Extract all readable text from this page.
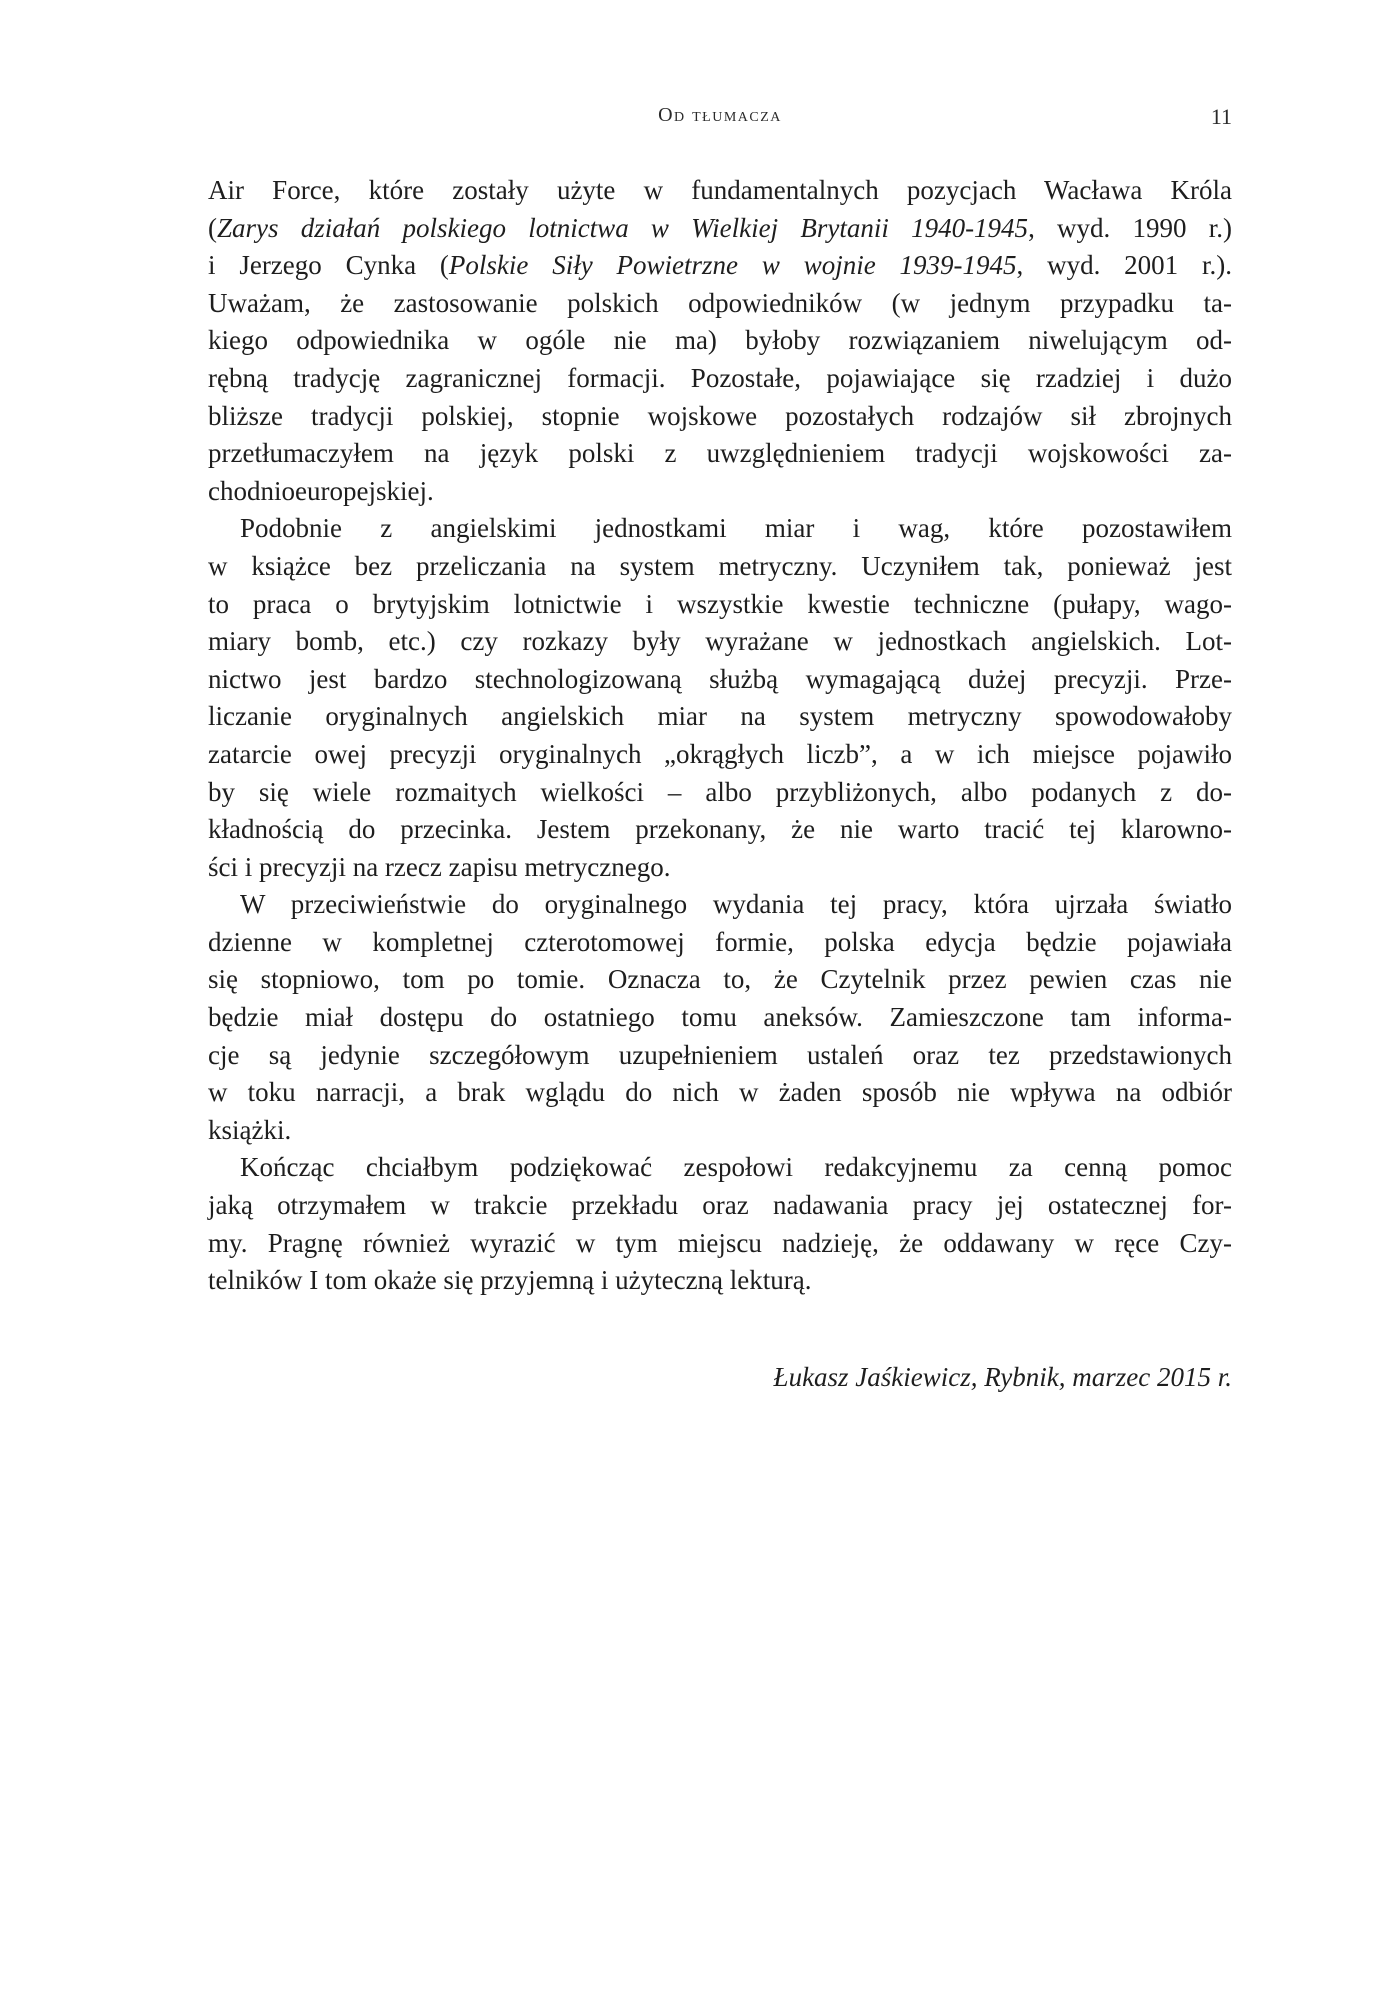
Od tłumacza	11
Air Force, które zostały użyte w fundamentalnych pozycjach Wacława Króla
(Zarys działań polskiego lotnictwa w Wielkiej Brytanii 1940-1945, wyd. 1990 r.)
i Jerzego Cynka (Polskie Siły Powietrzne w wojnie 1939-1945, wyd. 2001 r.).
Uważam, że zastosowanie polskich odpowiedników (w jednym przypadku ta-
kiego odpowiednika w ogóle nie ma) byłoby rozwiązaniem niwelującym od-
rębną tradycję zagranicznej formacji. Pozostałe, pojawiające się rzadziej i dużo
bliższe tradycji polskiej, stopnie wojskowe pozostałych rodzajów sił zbrojnych
przetłumaczyłem na język polski z uwzględnieniem tradycji wojskowości za-
chodnioeuropejskiej.
Podobnie z angielskimi jednostkami miar i wag, które pozostawiłem
w książce bez przeliczania na system metryczny. Uczyniłem tak, ponieważ jest
to praca o brytyjskim lotnictwie i wszystkie kwestie techniczne (pułapy, wago-
miary bomb, etc.) czy rozkazy były wyrażane w jednostkach angielskich. Lot-
nictwo jest bardzo stechnologizowaną służbą wymagającą dużej precyzji. Prze-
liczanie oryginalnych angielskich miar na system metryczny spowodowałoby
zatarcie owej precyzji oryginalnych „okrągłych liczb”, a w ich miejsce pojawiło
by się wiele rozmaitych wielkości – albo przybliżonych, albo podanych z do-
kładnością do przecinka. Jestem przekonany, że nie warto tracić tej klarowno-
ści i precyzji na rzecz zapisu metrycznego.
W przeciwieństwie do oryginalnego wydania tej pracy, która ujrzała światło
dzienne w kompletnej czterotomowej formie, polska edycja będzie pojawiała
się stopniowo, tom po tomie. Oznacza to, że Czytelnik przez pewien czas nie
będzie miał dostępu do ostatniego tomu aneksów. Zamieszczone tam informa-
cje są jedynie szczegółowym uzupełnieniem ustaleń oraz tez przedstawionych
w toku narracji, a brak wglądu do nich w żaden sposób nie wpływa na odbiór
książki.
Kończąc chciałbym podziękować zespołowi redakcyjnemu za cenną pomoc
jaką otrzymałem w trakcie przekładu oraz nadawania pracy jej ostatecznej for-
my. Pragnę również wyrazić w tym miejscu nadzieję, że oddawany w ręce Czy-
telników I tom okaże się przyjemną i użyteczną lekturą.
Łukasz Jaśkiewicz, Rybnik, marzec 2015 r.
